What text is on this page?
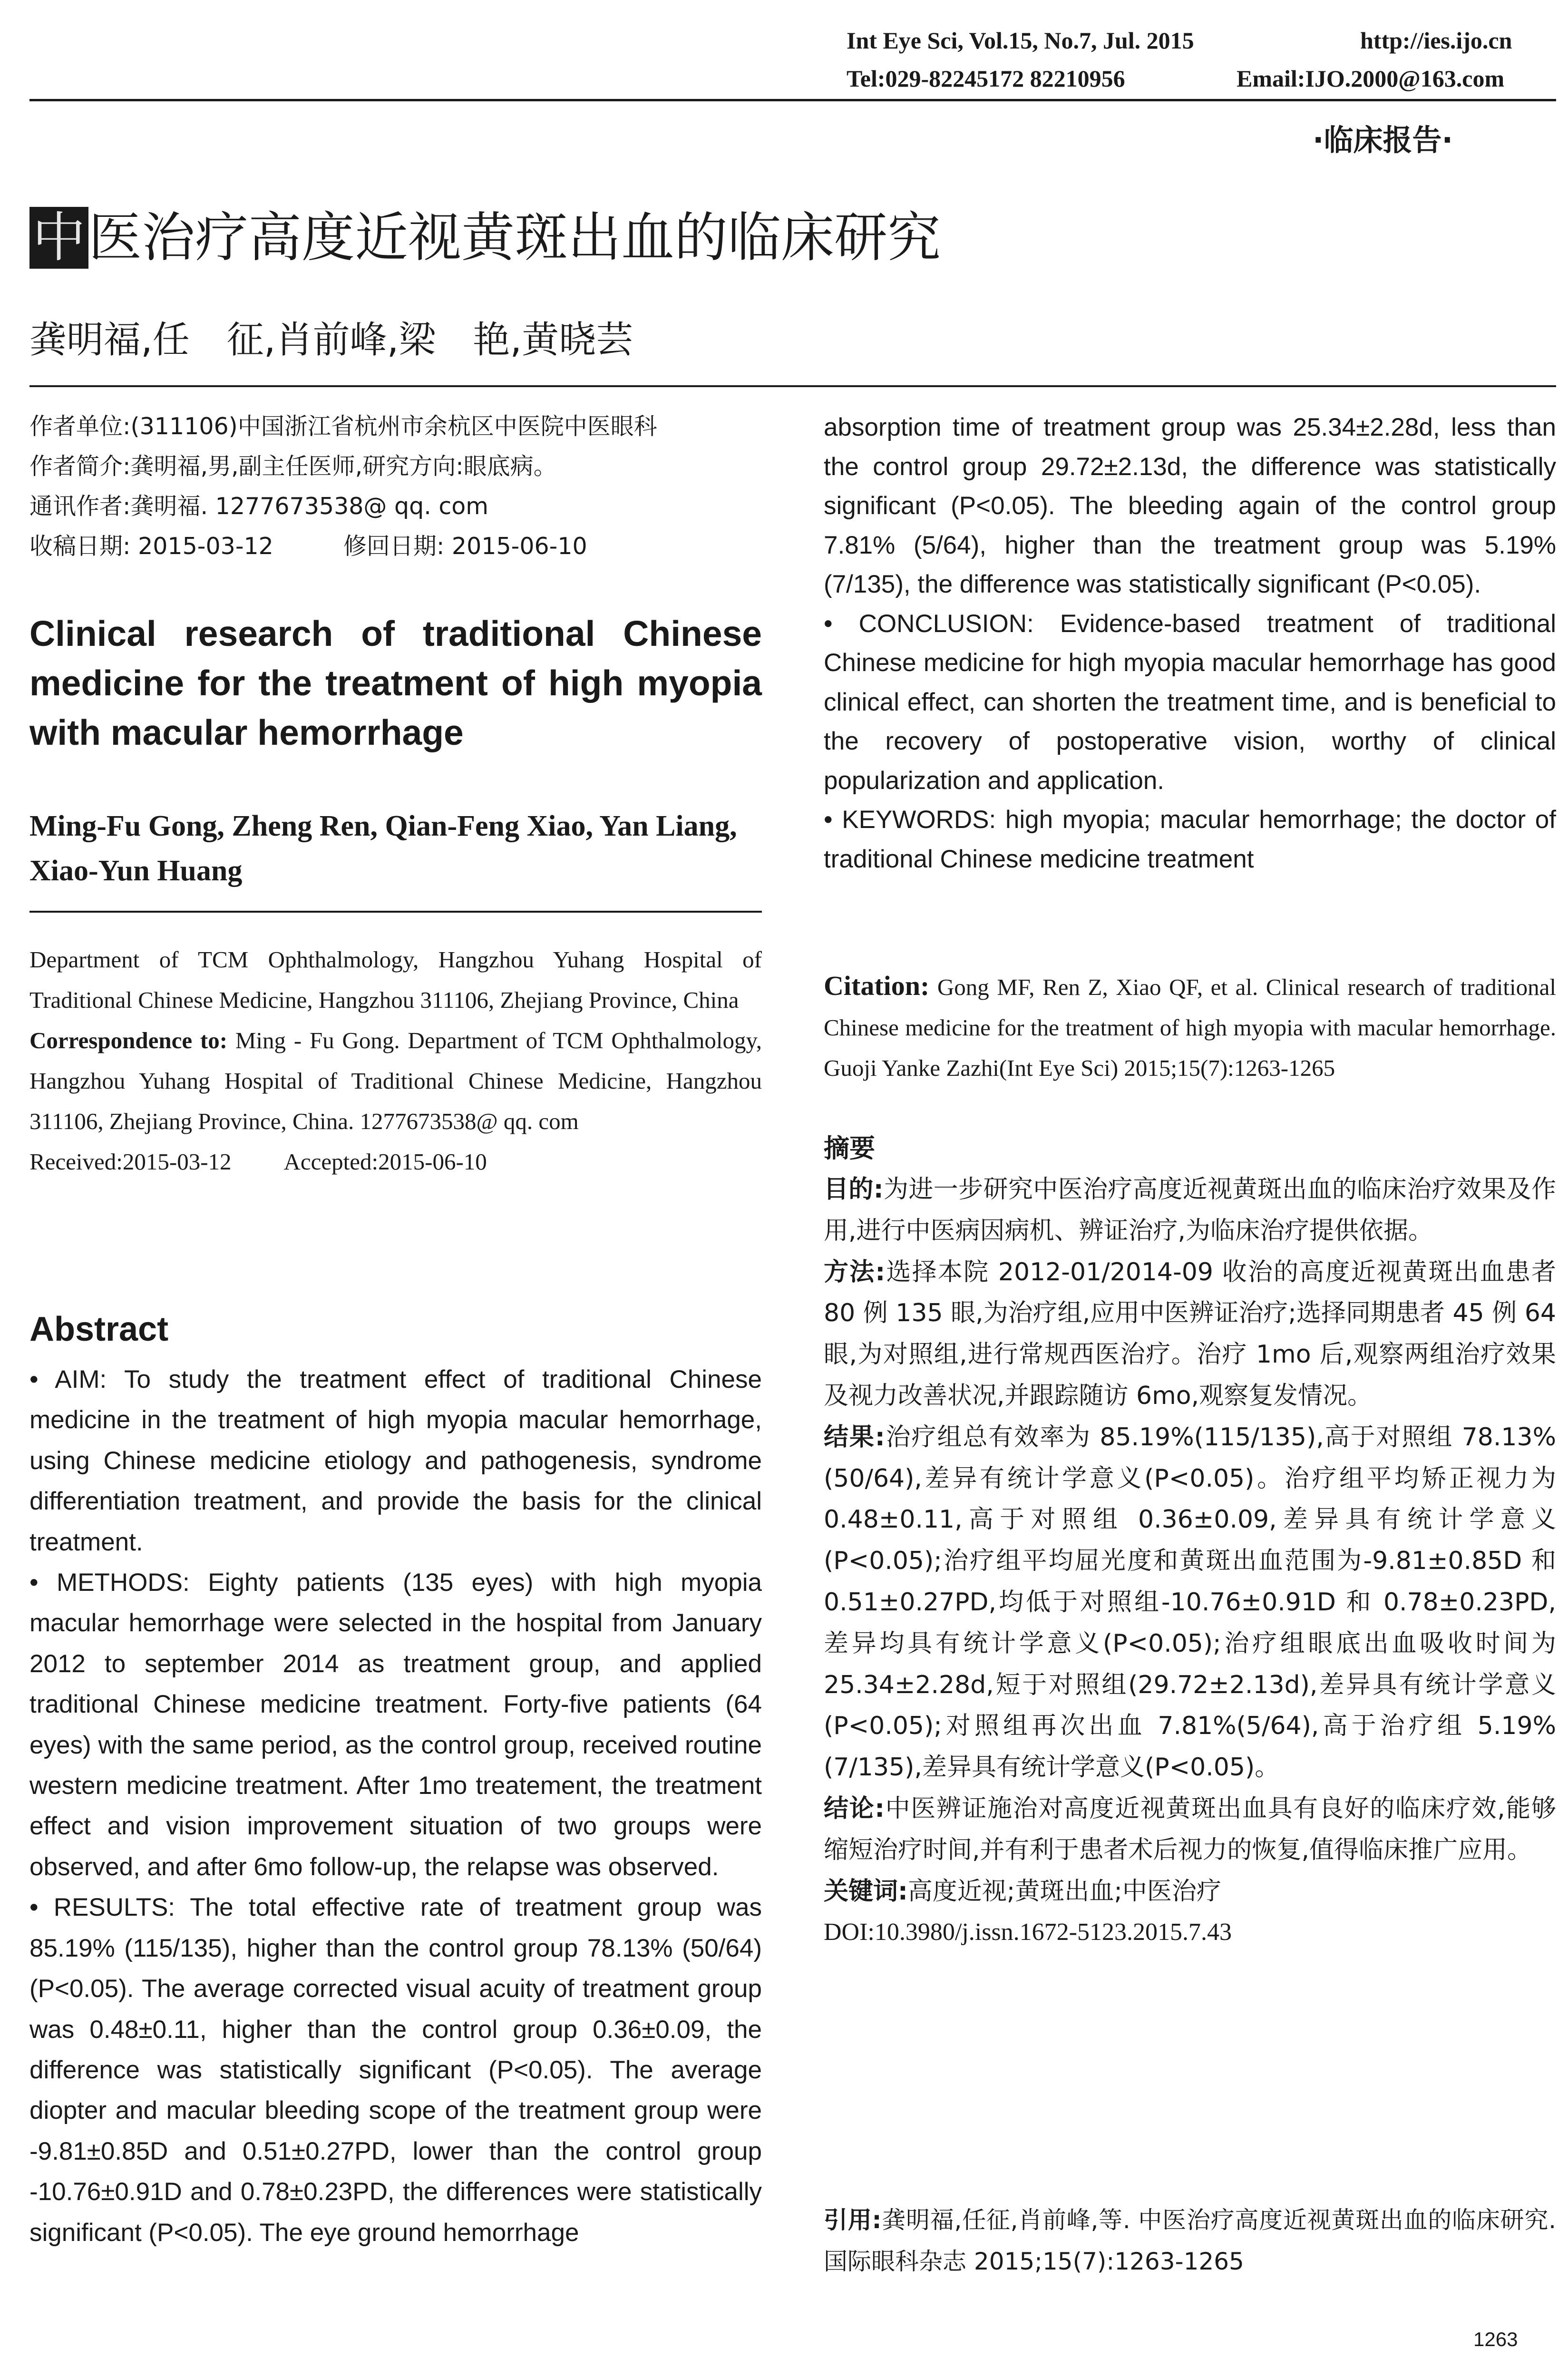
Int Eye Sci, Vol.15, No.7, Jul. 2015	http://ies.ijo.cn
Tel:029-82245172 82210956	Email:IJO.2000@163.com
·临床报告·
中医治疗高度近视黄斑出血的临床研究
龚明福,任　征,肖前峰,梁　艳,黄晓芸
作者单位:(311106)中国浙江省杭州市余杭区中医院中医眼科
作者简介:龚明福,男,副主任医师,研究方向:眼底病。
通讯作者:龚明福. 1277673538@ qq. com
收稿日期: 2015-03-12　　　修回日期: 2015-06-10
Clinical research of traditional Chinese medicine for the treatment of high myopia with macular hemorrhage
Ming-Fu Gong, Zheng Ren, Qian-Feng Xiao, Yan Liang, Xiao-Yun Huang
Department of TCM Ophthalmology, Hangzhou Yuhang Hospital of Traditional Chinese Medicine, Hangzhou 311106, Zhejiang Province, China
Correspondence to: Ming - Fu Gong. Department of TCM Ophthalmology, Hangzhou Yuhang Hospital of Traditional Chinese Medicine, Hangzhou 311106, Zhejiang Province, China. 1277673538@ qq. com
Received:2015-03-12 Accepted:2015-06-10
Abstract
• AIM: To study the treatment effect of traditional Chinese medicine in the treatment of high myopia macular hemorrhage, using Chinese medicine etiology and pathogenesis, syndrome differentiation treatment, and provide the basis for the clinical treatment.
• METHODS: Eighty patients (135 eyes) with high myopia macular hemorrhage were selected in the hospital from January 2012 to september 2014 as treatment group, and applied traditional Chinese medicine treatment. Forty-five patients (64 eyes) with the same period, as the control group, received routine western medicine treatment. After 1mo treatement, the treatment effect and vision improvement situation of two groups were observed, and after 6mo follow-up, the relapse was observed.
• RESULTS: The total effective rate of treatment group was 85.19% (115/135), higher than the control group 78.13% (50/64) (P<0.05). The average corrected visual acuity of treatment group was 0.48±0.11, higher than the control group 0.36±0.09, the difference was statistically significant (P<0.05). The average diopter and macular bleeding scope of the treatment group were -9.81±0.85D and 0.51±0.27PD, lower than the control group -10.76±0.91D and 0.78±0.23PD, the differences were statistically significant (P<0.05). The eye ground hemorrhage
absorption time of treatment group was 25.34±2.28d, less than the control group 29.72±2.13d, the difference was statistically significant (P<0.05). The bleeding again of the control group 7.81% (5/64), higher than the treatment group was 5.19% (7/135), the difference was statistically significant (P<0.05).
• CONCLUSION: Evidence-based treatment of traditional Chinese medicine for high myopia macular hemorrhage has good clinical effect, can shorten the treatment time, and is beneficial to the recovery of postoperative vision, worthy of clinical popularization and application.
• KEYWORDS: high myopia; macular hemorrhage; the doctor of traditional Chinese medicine treatment
Citation: Gong MF, Ren Z, Xiao QF, et al. Clinical research of traditional Chinese medicine for the treatment of high myopia with macular hemorrhage. Guoji Yanke Zazhi(Int Eye Sci) 2015;15(7):1263-1265
摘要
目的:为进一步研究中医治疗高度近视黄斑出血的临床治疗效果及作用,进行中医病因病机、辨证治疗,为临床治疗提供依据。
方法:选择本院 2012-01/2014-09 收治的高度近视黄斑出血患者 80 例 135 眼,为治疗组,应用中医辨证治疗;选择同期患者 45 例 64 眼,为对照组,进行常规西医治疗。治疗 1mo 后,观察两组治疗效果及视力改善状况,并跟踪随访 6mo,观察复发情况。
结果:治疗组总有效率为 85.19%(115/135),高于对照组 78.13%(50/64),差异有统计学意义(P<0.05)。治疗组平均矫正视力为 0.48±0.11,高于对照组 0.36±0.09,差异具有统计学意义(P<0.05);治疗组平均屈光度和黄斑出血范围为-9.81±0.85D 和 0.51±0.27PD,均低于对照组-10.76±0.91D 和 0.78±0.23PD,差异均具有统计学意义(P<0.05);治疗组眼底出血吸收时间为 25.34±2.28d,短于对照组(29.72±2.13d),差异具有统计学意义(P<0.05);对照组再次出血 7.81%(5/64),高于治疗组 5.19%(7/135),差异具有统计学意义(P<0.05)。
结论:中医辨证施治对高度近视黄斑出血具有良好的临床疗效,能够缩短治疗时间,并有利于患者术后视力的恢复,值得临床推广应用。
关键词:高度近视;黄斑出血;中医治疗
DOI:10.3980/j.issn.1672-5123.2015.7.43
引用:龚明福,任征,肖前峰,等. 中医治疗高度近视黄斑出血的临床研究. 国际眼科杂志 2015;15(7):1263-1265
1263
